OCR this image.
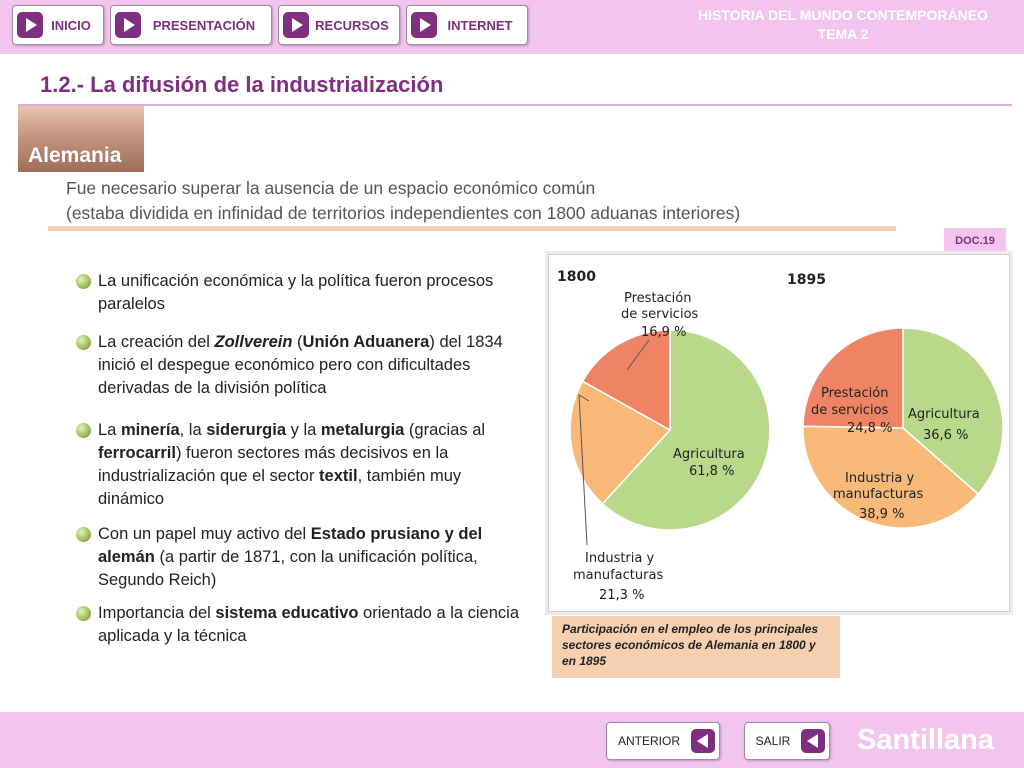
INICIO	PRESENTACIÓN	RECURSOS	INTERNET
HISTORIA DEL MUNDO CONTEMPORÁNEO
TEMA 2
1.2.- La difusión de la industrialización
Alemania
Fue necesario superar la ausencia de un espacio económico común
(estaba dividida en infinidad de territorios independientes con 1800 aduanas interiores)
DOC.19
La unificación económica y la política fueron procesos paralelos
La creación del Zollverein (Unión Aduanera) del 1834 inició el despegue económico pero con dificultades derivadas de la división política
La minería, la siderurgia y la metalurgia (gracias al ferrocarril) fueron sectores más decisivos en la industrialización que el sector textil, también muy dinámico
Con un papel muy activo del Estado prusiano y del alemán (a partir de 1871, con la unificación política, Segundo Reich)
Importancia del sistema educativo orientado a la ciencia aplicada y la técnica
1800	1895
Prestación
de servicios
16,9 %
Agricultura
61,8 %
Industria y
manufacturas
21,3 %
Prestación
de servicios
24,8 %
Agricultura
36,6 %
Industria y
manufacturas
38,9 %
Participación en el empleo de los principales sectores económicos de Alemania en 1800 y en 1895
ANTERIOR	SALIR	Santillana
